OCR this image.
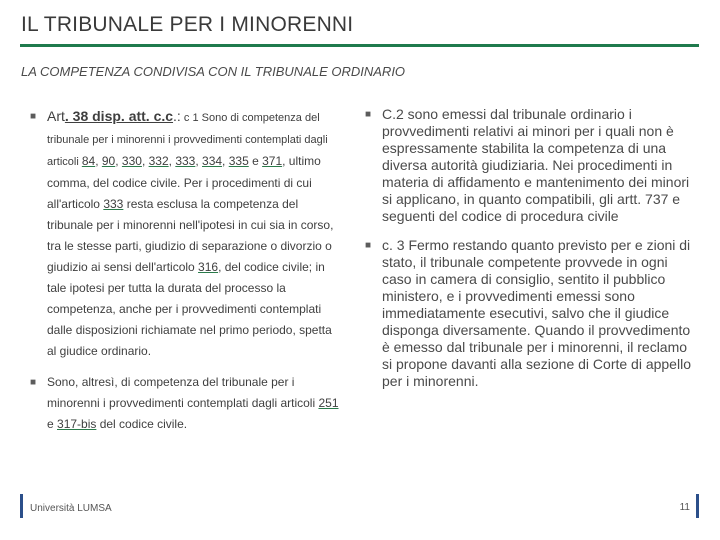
IL TRIBUNALE PER I MINORENNI
LA COMPETENZA CONDIVISA CON IL TRIBUNALE ORDINARIO
■ Art. 38 disp. att. c.c.: c 1 Sono di competenza del tribunale per i minorenni i provvedimenti contemplati dagli articoli 84, 90, 330, 332, 333, 334, 335 e 371, ultimo comma, del codice civile. Per i procedimenti di cui all'articolo 333 resta esclusa la competenza del tribunale per i minorenni nell'ipotesi in cui sia in corso, tra le stesse parti, giudizio di separazione o divorzio o giudizio ai sensi dell'articolo 316, del codice civile; in tale ipotesi per tutta la durata del processo la competenza, anche per i provvedimenti contemplati dalle disposizioni richiamate nel primo periodo, spetta al giudice ordinario.

■ Sono, altresì, di competenza del tribunale per i minorenni i provvedimenti contemplati dagli articoli 251 e 317-bis del codice civile.

■ C.2 sono emessi dal tribunale ordinario i provvedimenti relativi ai minori per i quali non è espressamente stabilita la competenza di una diversa autorità giudiziaria. Nei procedimenti in materia di affidamento e mantenimento dei minori si applicano, in quanto compatibili, gli artt. 737 e seguenti del codice di procedura civile

■ c. 3 Fermo restando quanto previsto per e zioni di stato, il tribunale competente provvede in ogni caso in camera di consiglio, sentito il pubblico ministero, e i provvedimenti emessi sono immediatamente esecutivi, salvo che il giudice disponga diversamente. Quando il provvedimento è emesso dal tribunale per i minorenni, il reclamo si propone davanti alla sezione di Corte di appello per i minorenni.

Università LUMSA	11
